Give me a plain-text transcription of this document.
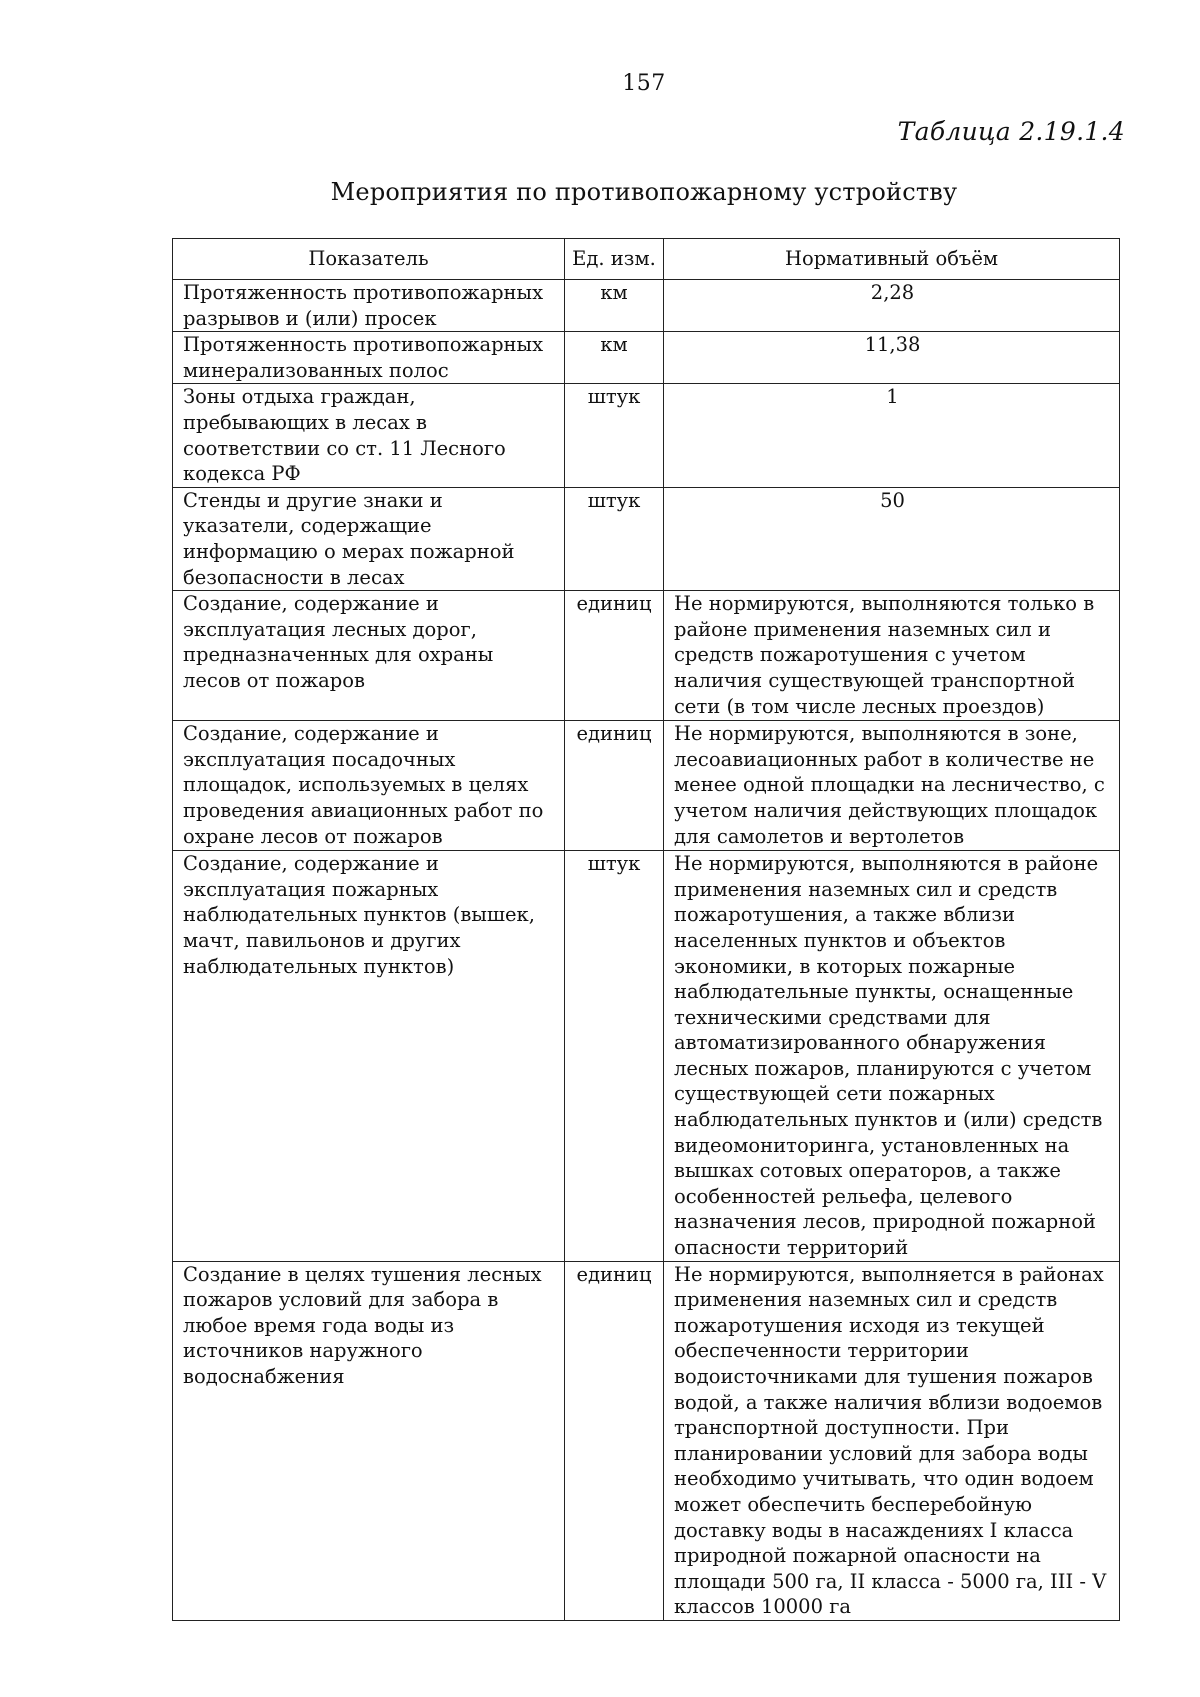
157
Таблица 2.19.1.4
Мероприятия по противопожарному устройству
Показатель	Ед. изм.	Нормативный объём
Протяженность противопожарных разрывов и (или) просек	км	2,28
Протяженность противопожарных минерализованных полос	км	11,38
Зоны отдыха граждан, пребывающих в лесах в соответствии со ст. 11 Лесного кодекса РФ	штук	1
Стенды и другие знаки и указатели, содержащие информацию о мерах пожарной безопасности в лесах	штук	50
Создание, содержание и эксплуатация лесных дорог, предназначенных для охраны лесов от пожаров	единиц	Не нормируются, выполняются только в районе применения наземных сил и средств пожаротушения с учетом наличия существующей транспортной сети (в том числе лесных проездов)
Создание, содержание и эксплуатация посадочных площадок, используемых в целях проведения авиационных работ по охране лесов от пожаров	единиц	Не нормируются, выполняются в зоне, лесоавиационных работ в количестве не менее одной площадки на лесничество, с учетом наличия действующих площадок для самолетов и вертолетов
Создание, содержание и эксплуатация пожарных наблюдательных пунктов (вышек, мачт, павильонов и других наблюдательных пунктов)	штук	Не нормируются, выполняются в районе применения наземных сил и средств пожаротушения, а также вблизи населенных пунктов и объектов экономики, в которых пожарные наблюдательные пункты, оснащенные техническими средствами для автоматизированного обнаружения лесных пожаров, планируются с учетом существующей сети пожарных наблюдательных пунктов и (или) средств видеомониторинга, установленных на вышках сотовых операторов, а также особенностей рельефа, целевого назначения лесов, природной пожарной опасности территорий
Создание в целях тушения лесных пожаров условий для забора в любое время года воды из источников наружного водоснабжения	единиц	Не нормируются, выполняется в районах применения наземных сил и средств пожаротушения исходя из текущей обеспеченности территории водоисточниками для тушения пожаров водой, а также наличия вблизи водоемов транспортной доступности. При планировании условий для забора воды необходимо учитывать, что один водоем может обеспечить бесперебойную доставку воды в насаждениях I класса природной пожарной опасности на площади 500 га, II класса - 5000 га, III - V классов 10000 га
